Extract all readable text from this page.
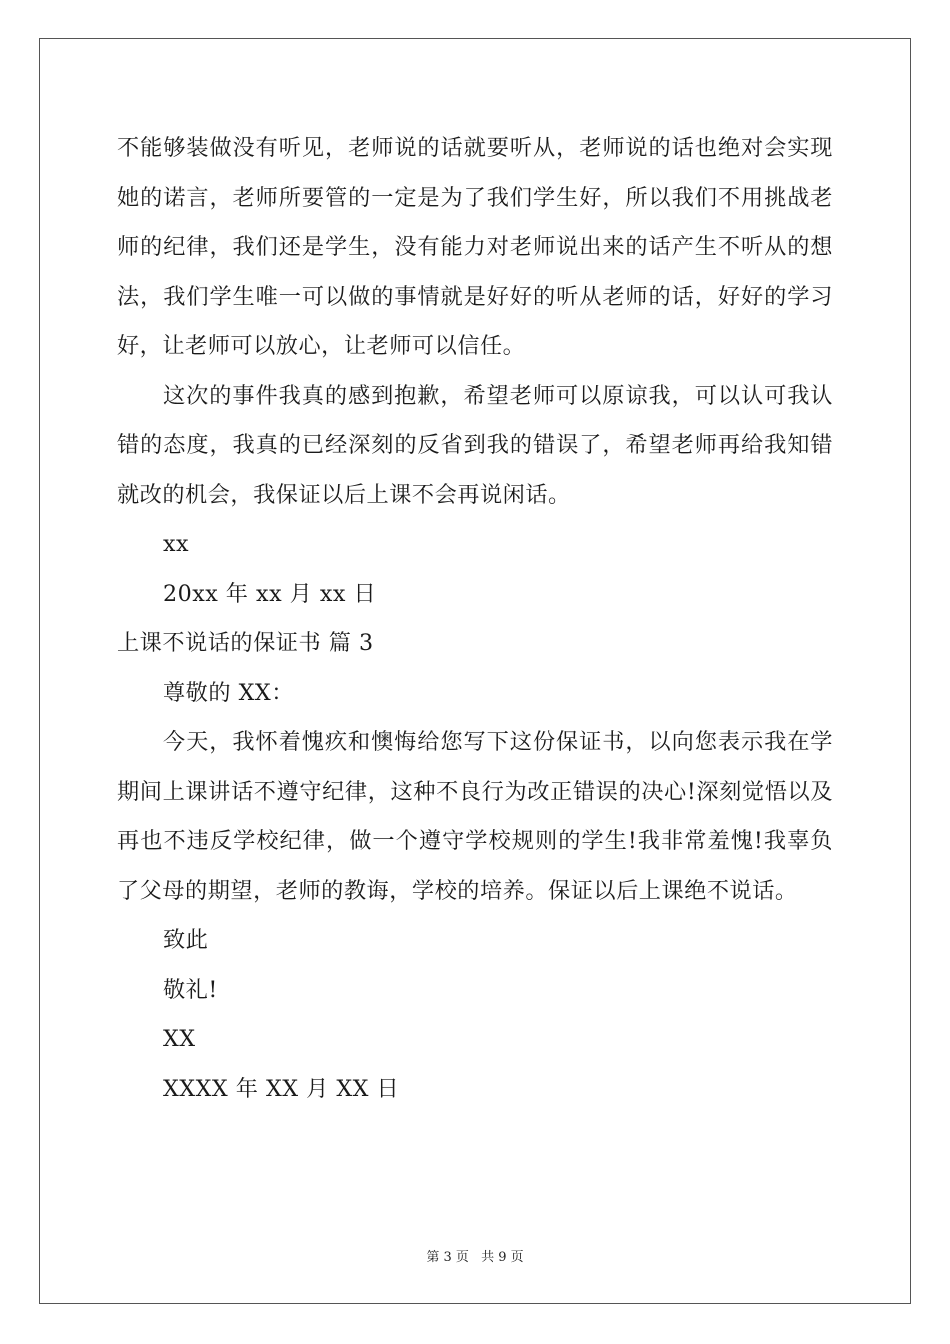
不能够装做没有听见，老师说的话就要听从，老师说的话也绝对会实现她的诺言，老师所要管的一定是为了我们学生好，所以我们不用挑战老师的纪律，我们还是学生，没有能力对老师说出来的话产生不听从的想法，我们学生唯一可以做的事情就是好好的听从老师的话，好好的学习好，让老师可以放心，让老师可以信任。
这次的事件我真的感到抱歉，希望老师可以原谅我，可以认可我认错的态度，我真的已经深刻的反省到我的错误了，希望老师再给我知错就改的机会，我保证以后上课不会再说闲话。
xx
20xx 年 xx 月 xx 日
上课不说话的保证书 篇 3
尊敬的 XX：
今天，我怀着愧疚和懊悔给您写下这份保证书，以向您表示我在学期间上课讲话不遵守纪律，这种不良行为改正错误的决心!深刻觉悟以及再也不违反学校纪律，做一个遵守学校规则的学生!我非常羞愧!我辜负了父母的期望，老师的教诲，学校的培养。保证以后上课绝不说话。
致此
敬礼!
XX
XXXX 年 XX 月 XX 日
第 3 页 共 9 页
